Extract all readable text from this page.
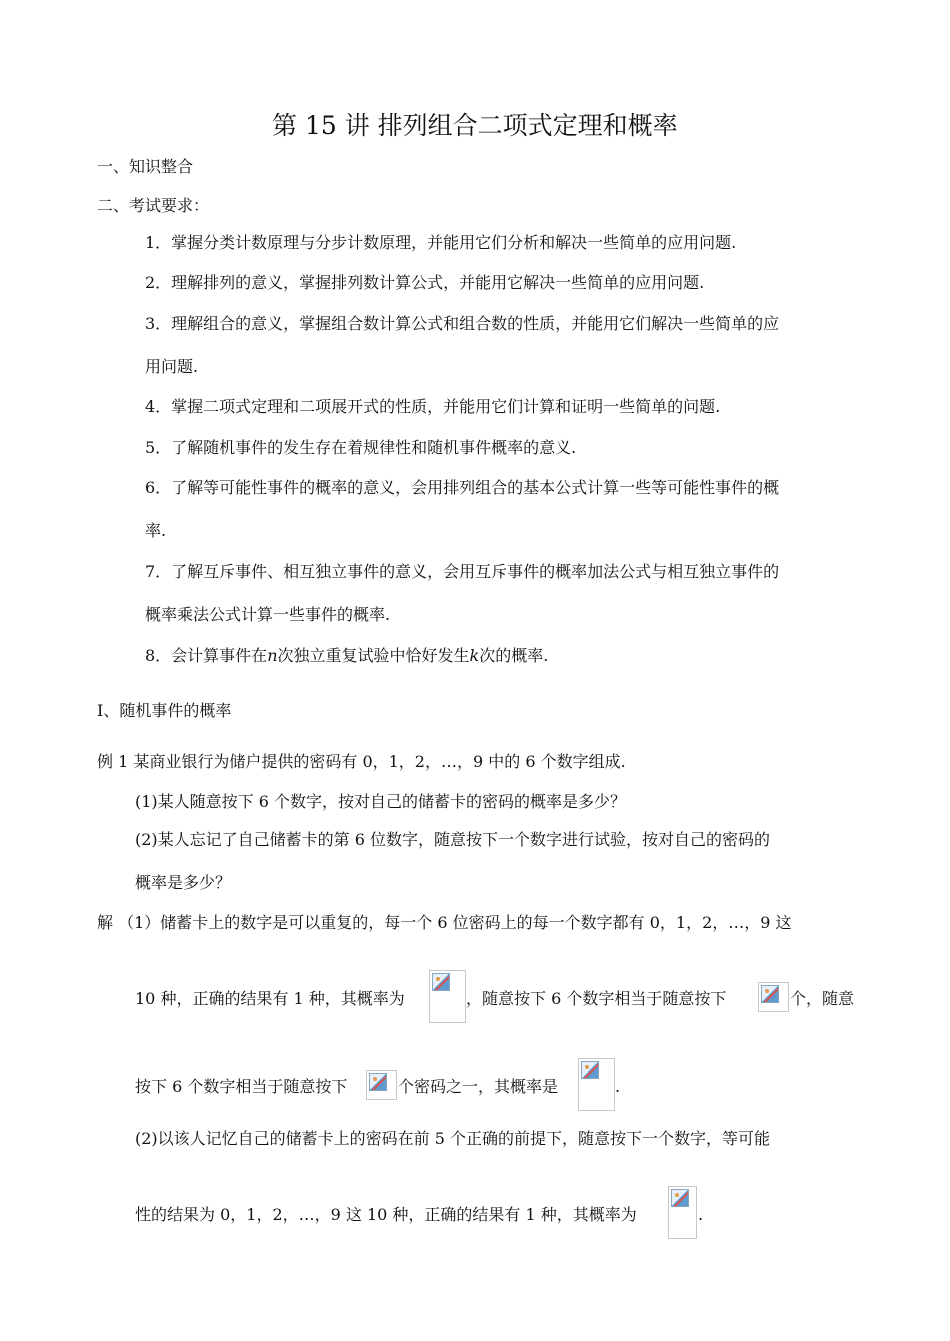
第 15 讲 排列组合二项式定理和概率
一、知识整合
二、考试要求：
1．掌握分类计数原理与分步计数原理，并能用它们分析和解决一些简单的应用问题.
2．理解排列的意义，掌握排列数计算公式，并能用它解决一些简单的应用问题.
3．理解组合的意义，掌握组合数计算公式和组合数的性质，并能用它们解决一些简单的应
用问题.
4．掌握二项式定理和二项展开式的性质，并能用它们计算和证明一些简单的问题.
5．了解随机事件的发生存在着规律性和随机事件概率的意义.
6．了解等可能性事件的概率的意义，会用排列组合的基本公式计算一些等可能性事件的概
率.
7．了解互斥事件、相互独立事件的意义，会用互斥事件的概率加法公式与相互独立事件的
概率乘法公式计算一些事件的概率.
8．会计算事件在n次独立重复试验中恰好发生k次的概率.
Ⅰ、随机事件的概率
例 1 某商业银行为储户提供的密码有 0，1，2，…，9 中的 6 个数字组成.
(1)某人随意按下 6 个数字，按对自己的储蓄卡的密码的概率是多少？
(2)某人忘记了自己储蓄卡的第 6 位数字，随意按下一个数字进行试验，按对自己的密码的
概率是多少？
解 （1）储蓄卡上的数字是可以重复的，每一个 6 位密码上的每一个数字都有 0，1，2，…，9 这
10 种，正确的结果有 1 种，其概率为	，随意按下 6 个数字相当于随意按下	个，随意
按下 6 个数字相当于随意按下	个密码之一，其概率是	.
(2)以该人记忆自己的储蓄卡上的密码在前 5 个正确的前提下，随意按下一个数字，等可能
性的结果为 0，1，2，…，9 这 10 种，正确的结果有 1 种，其概率为	.
